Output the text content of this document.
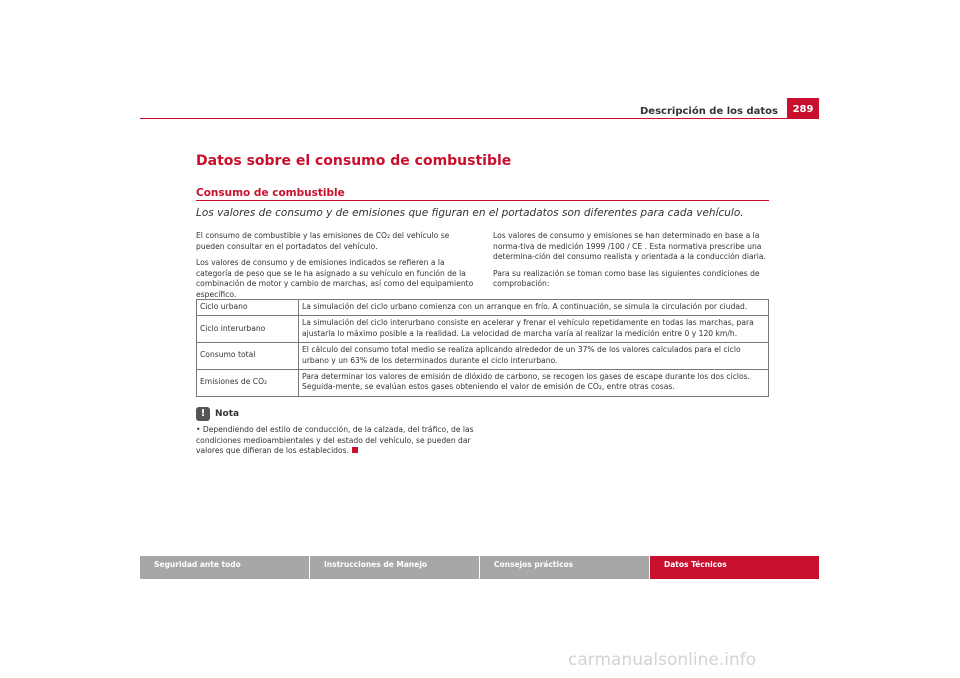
Descripción de los datos	289
Datos sobre el consumo de combustible
Consumo de combustible
Los valores de consumo y de emisiones que figuran en el portadatos son diferentes para cada vehículo.

El consumo de combustible y las emisiones de CO₂ del vehículo se pueden consultar en el portadatos del vehículo.

Los valores de consumo y de emisiones indicados se refieren a la categoría de peso que se le ha asignado a su vehículo en función de la combinación de motor y cambio de marchas, así como del equipamiento específico.

Los valores de consumo y emisiones se han determinado en base a la norma-tiva de medición 1999 /100 / CE . Esta normativa prescribe una determina-ción del consumo realista y orientada a la conducción diaria.

Para su realización se toman como base las siguientes condiciones de comprobación:

Ciclo urbano	La simulación del ciclo urbano comienza con un arranque en frío. A continuación, se simula la circulación por ciudad.
Ciclo interurbano	La simulación del ciclo interurbano consiste en acelerar y frenar el vehículo repetidamente en todas las marchas, para ajustarla lo máximo posible a la realidad. La velocidad de marcha varía al realizar la medición entre 0 y 120 km/h.
Consumo total	El cálculo del consumo total medio se realiza aplicando alrededor de un 37% de los valores calculados para el ciclo urbano y un 63% de los determinados durante el ciclo interurbano.
Emisiones de CO₂	Para determinar los valores de emisión de dióxido de carbono, se recogen los gases de escape durante los dos ciclos. Seguida-mente, se evalúan estos gases obteniendo el valor de emisión de CO₂, entre otras cosas.
!	Nota
• Dependiendo del estilo de conducción, de la calzada, del tráfico, de las condiciones medioambientales y del estado del vehículo, se pueden dar valores que difieran de los establecidos.
Seguridad ante todo	Instrucciones de Manejo	Consejos prácticos	Datos Técnicos
carmanualsonline.info
